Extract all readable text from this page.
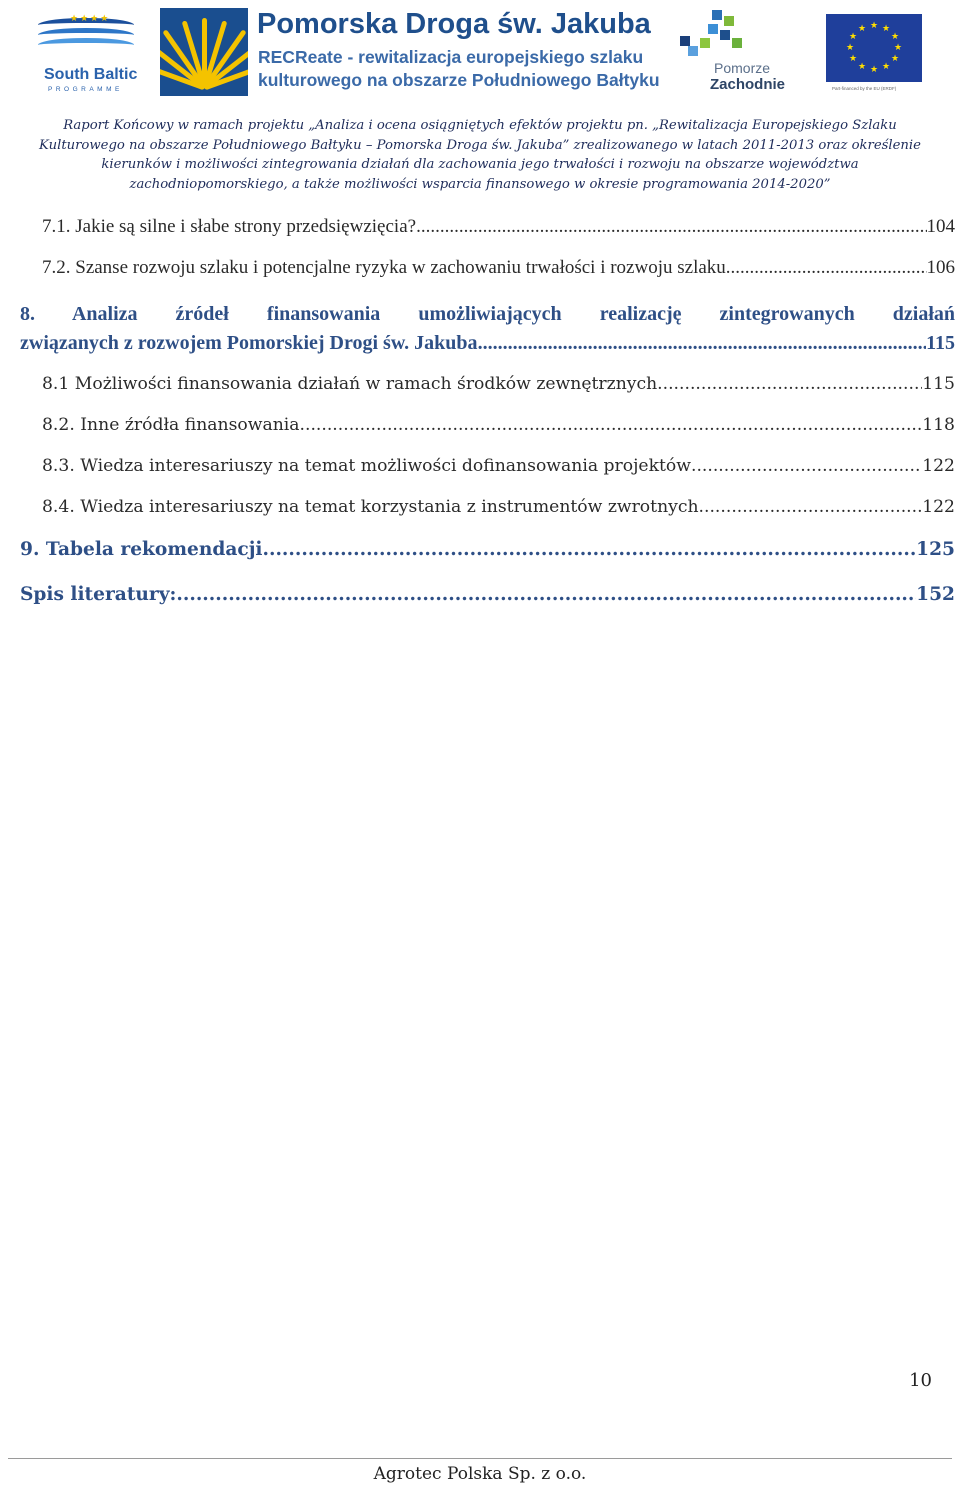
★★★★
South Baltic
PROGRAMME
Pomorska Droga św. Jakuba
RECReate - rewitalizacja europejskiego szlaku
kulturowego na obszarze Południowego Bałtyku
Pomorze
Zachodnie
★ ★
★
★
★
★
★
★
★
★
★
★
Part-financed by the EU (ERDF)
Raport Końcowy w ramach projektu „Analiza i ocena osiągniętych efektów projektu pn. „Rewitalizacja Europejskiego Szlaku
Kulturowego na obszarze Południowego Bałtyku – Pomorska Droga św. Jakuba” zrealizowanego w latach 2011-2013 oraz określenie
kierunków i możliwości zintegrowania działań dla zachowania jego trwałości i rozwoju na obszarze województwa
zachodniopomorskiego, a także możliwości wsparcia finansowego w okresie programowania 2014-2020”
7.1. Jakie są silne i słabe strony przedsięwzięcia? .....	104
7.2. Szanse rozwoju szlaku i potencjalne ryzyka w zachowaniu trwałości i rozwoju szlaku .....	106
8. Analiza źródeł finansowania umożliwiających realizację zintegrowanych działań
związanych z rozwojem Pomorskiej Drogi św. Jakuba .....	115
8.1 Możliwości finansowania działań w ramach środków zewnętrznych .....	115
8.2. Inne źródła finansowania .....	118
8.3. Wiedza interesariuszy na temat możliwości dofinansowania projektów .....	122
8.4. Wiedza interesariuszy na temat korzystania z instrumentów zwrotnych .....	122
9. Tabela rekomendacji .....	125
Spis literatury: .....	152
10
Agrotec Polska Sp. z o.o.
